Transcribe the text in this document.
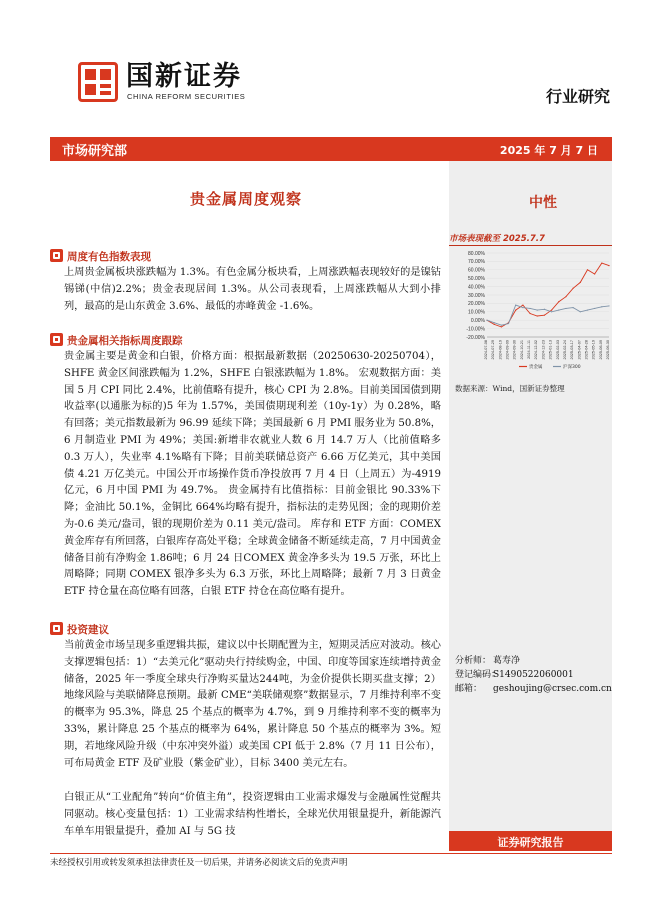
国新证券
CHINA REFORM SECURITIES	行业研究
市场研究部	2025 年 7 月 7 日
贵金属周度观察	中性
市场表现截至 2025.7.7
80.00%
70.00%
60.00%
50.00%
40.00%
30.00%
20.00%
10.00%
0.00%
-10.00%
-20.00%
2024-07-08 2024-07-29 2024-08-19 2024-09-09 2024-09-30 2024-10-21 2024-11-11 2024-12-02 2024-12-23 2025-01-13 2025-02-03 2025-02-24 2025-03-17 2025-04-07 2025-04-28 2025-05-19 2025-06-09 2025-06-30
贵金属	沪深300
数据来源：Wind，国新证券整理
分析师： 葛寿净
登记编码：S1490522060001
邮箱： geshoujing@crsec.com.cn
周度有色指数表现
上周贵金属板块涨跌幅为 1.3%。有色金属分板块看，上周涨跌幅表现较好的是镍钴锡锑(中信)2.2%；贵金表现居间 1.3%。从公司表现看，上周涨跌幅从大到小排列，最高的是山东黄金 3.6%、最低的赤峰黄金 -1.6%。
贵金属相关指标周度跟踪
贵金属主要是黄金和白银，价格方面：根据最新数据（20250630-20250704），SHFE 黄金区间涨跌幅为 1.2%，SHFE 白银涨跌幅为 1.8%。 宏观数据方面：美国 5 月 CPI 同比 2.4%，比前值略有提升，核心 CPI 为 2.8%。目前美国国债到期收益率(以通胀为标的)5 年为 1.57%，美国债期现利差（10y-1y）为 0.28%，略有回落；美元指数最新为 96.99 延续下降；美国最新 6 月 PMI 服务业为 50.8%，6 月制造业 PMI 为 49%；美国:新增非农就业人数 6 月 14.7 万人（比前值略多 0.3 万人），失业率 4.1%略有下降；目前美联储总资产 6.66 万亿美元，其中美国债 4.21 万亿美元。中国公开市场操作货币净投放再 7 月 4 日（上周五）为-4919 亿元，6 月中国 PMI 为 49.7%。 贵金属持有比值指标：目前金银比 90.33%下降；金油比 50.1%，金铜比 664%均略有提升，指标法的走势见图；金的现期价差为-0.6 美元/盎司，银的现期价差为 0.11 美元/盎司。 库存和 ETF 方面：COMEX 黄金库存有所回落，白银库存高处平稳；全球黄金储备不断延续走高，7 月中国黄金储备目前有净购金 1.86吨；6 月 24 日COMEX 黄金净多头为 19.5 万张，环比上周略降；同期 COMEX 银净多头为 6.3 万张，环比上周略降；最新 7 月 3 日黄金 ETF 持仓量在高位略有回落，白银 ETF 持仓在高位略有提升。
投资建议
当前黄金市场呈现多重逻辑共振，建议以中长期配置为主，短期灵活应对波动。核心支撑逻辑包括：1）“去美元化”驱动央行持续购金，中国、印度等国家连续增持黄金储备，2025 年一季度全球央行净购买量达244吨，为金价提供长期买盘支撑；2）地缘风险与美联储降息预期。最新 CME“美联储观察”数据显示，7 月维持利率不变的概率为 95.3%，降息 25 个基点的概率为 4.7%，到 9 月维持利率不变的概率为 33%，累计降息 25 个基点的概率为 64%，累计降息 50 个基点的概率为 3%。短期，若地缘风险升级（中东冲突外溢）或美国 CPI 低于 2.8%（7 月 11 日公布），可布局黄金 ETF 及矿业股（紫金矿业），目标 3400 美元左右。
白银正从“工业配角”转向“价值主角”，投资逻辑由工业需求爆发与金融属性觉醒共同驱动。核心变量包括：1）工业需求结构性增长，全球光伏用银量提升，新能源汽车单车用银量提升，叠加 AI 与 5G 技
证券研究报告
未经授权引用或转发须承担法律责任及一切后果，并请务必阅读文后的免责声明
